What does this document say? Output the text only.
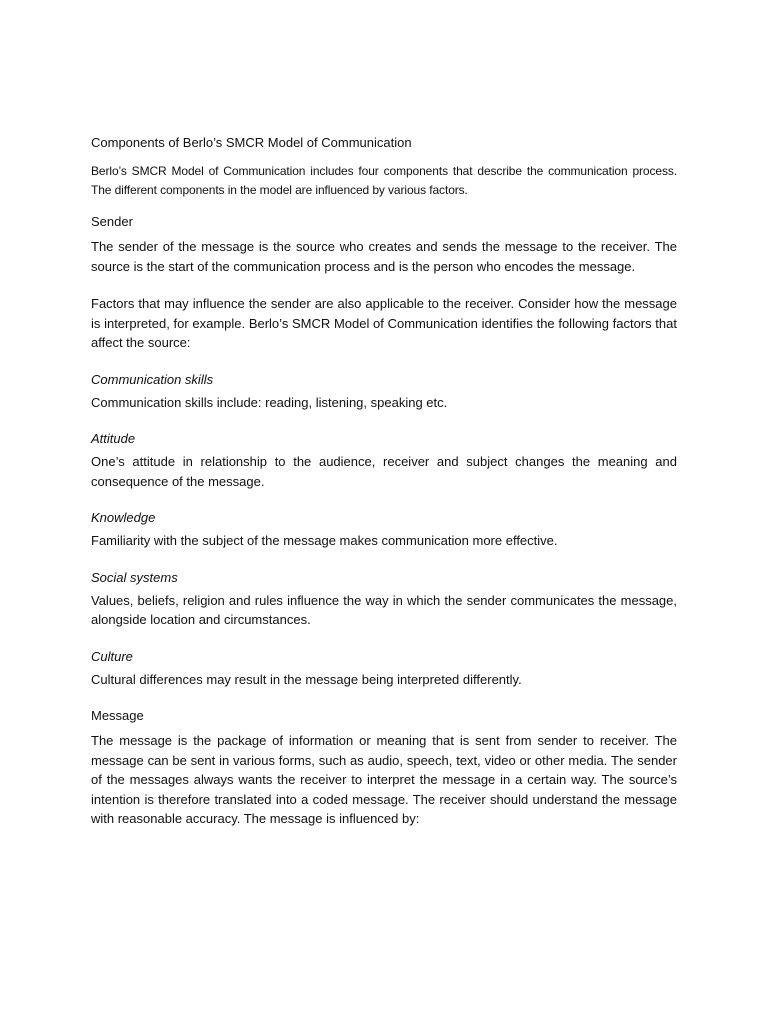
Components of Berlo’s SMCR Model of Communication

Berlo’s SMCR Model of Communication includes four components that describe the communication process. The different components in the model are influenced by various factors.

Sender

The sender of the message is the source who creates and sends the message to the receiver. The source is the start of the communication process and is the person who encodes the message.

Factors that may influence the sender are also applicable to the receiver. Consider how the message is interpreted, for example. Berlo’s SMCR Model of Communication identifies the following factors that affect the source:

Communication skills

Communication skills include: reading, listening, speaking etc.

Attitude

One’s attitude in relationship to the audience, receiver and subject changes the meaning and consequence of the message.

Knowledge

Familiarity with the subject of the message makes communication more effective.

Social systems

Values, beliefs, religion and rules influence the way in which the sender communicates the message, alongside location and circumstances.

Culture

Cultural differences may result in the message being interpreted differently.

Message

The message is the package of information or meaning that is sent from sender to receiver. The message can be sent in various forms, such as audio, speech, text, video or other media. The sender of the messages always wants the receiver to interpret the message in a certain way. The source’s intention is therefore translated into a coded message. The receiver should understand the message with reasonable accuracy. The message is influenced by:
